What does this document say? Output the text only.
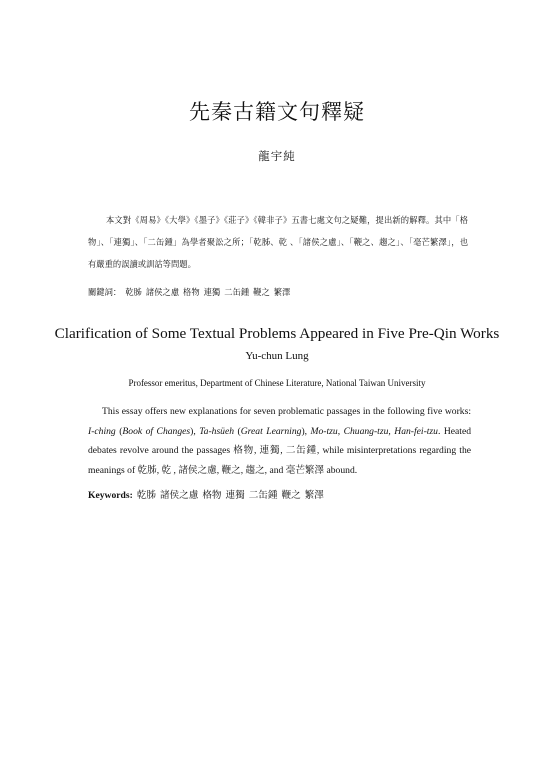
先秦古籍文句釋疑
龍宇純
本文對《周易》《大學》《墨子》《莊子》《韓非子》五書七處文句之疑難，提出新的解釋。其中「格物」、「連獨」、「二缶鍾」為學者聚訟之所；「乾胏、乾 、「諸侯之慮」、「鞭之、趨之」、「毫芒繁澤」，也有嚴重的誤讀或訓詁等問題。
關鍵詞： 乾胏 諸侯之慮 格物 連獨 二缶鍾 鞭之 繁澤
Clarification of Some Textual Problems Appeared in Five Pre-Qin Works
Yu-chun Lung
Professor emeritus, Department of Chinese Literature, National Taiwan University
This essay offers new explanations for seven problematic passages in the following five works: I-ching (Book of Changes), Ta-hsüeh (Great Learning), Mo-tzu, Chuang-tzu, Han-fei-tzu. Heated debates revolve around the passages 格物, 連獨, 二缶鍾, while misinterpretations regarding the meanings of 乾胏, 乾 , 諸侯之慮, 鞭之, 趨之, and 毫芒繁澤 abound.
Keywords: 乾胏 諸侯之慮 格物 連獨 二缶鍾 鞭之 繁澤
